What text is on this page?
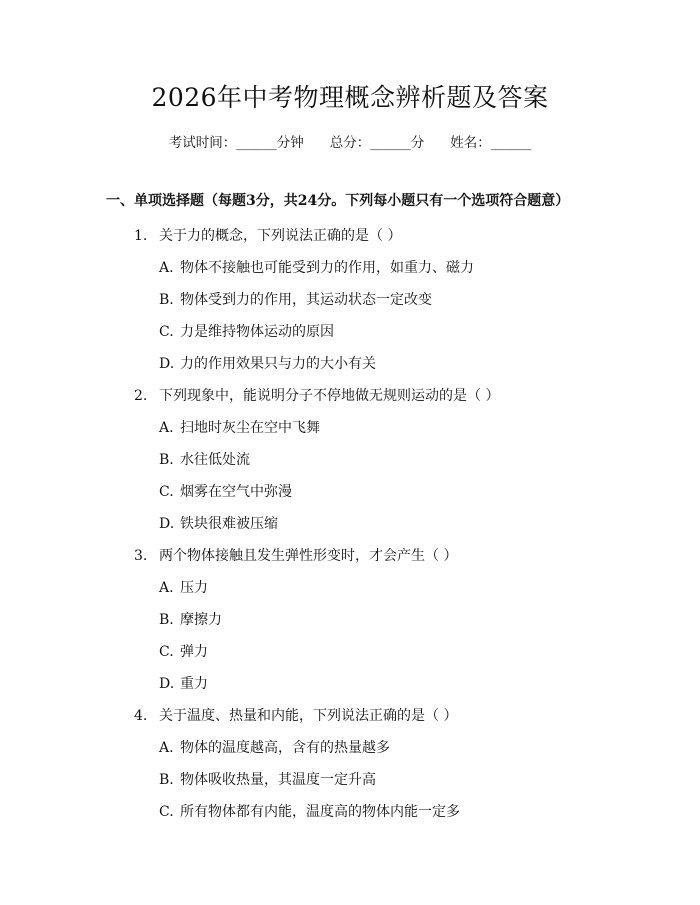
2026年中考物理概念辨析题及答案
考试时间：______分钟 总分：______分 姓名：______
一、单项选择题（每题3分，共24分。下列每小题只有一个选项符合题意）
1. 关于力的概念，下列说法正确的是（ ）
A. 物体不接触也可能受到力的作用，如重力、磁力
B. 物体受到力的作用，其运动状态一定改变
C. 力是维持物体运动的原因
D. 力的作用效果只与力的大小有关
2. 下列现象中，能说明分子不停地做无规则运动的是（ ）
A. 扫地时灰尘在空中飞舞
B. 水往低处流
C. 烟雾在空气中弥漫
D. 铁块很难被压缩
3. 两个物体接触且发生弹性形变时，才会产生（ ）
A. 压力
B. 摩擦力
C. 弹力
D. 重力
4. 关于温度、热量和内能，下列说法正确的是（ ）
A. 物体的温度越高，含有的热量越多
B. 物体吸收热量，其温度一定升高
C. 所有物体都有内能，温度高的物体内能一定多
